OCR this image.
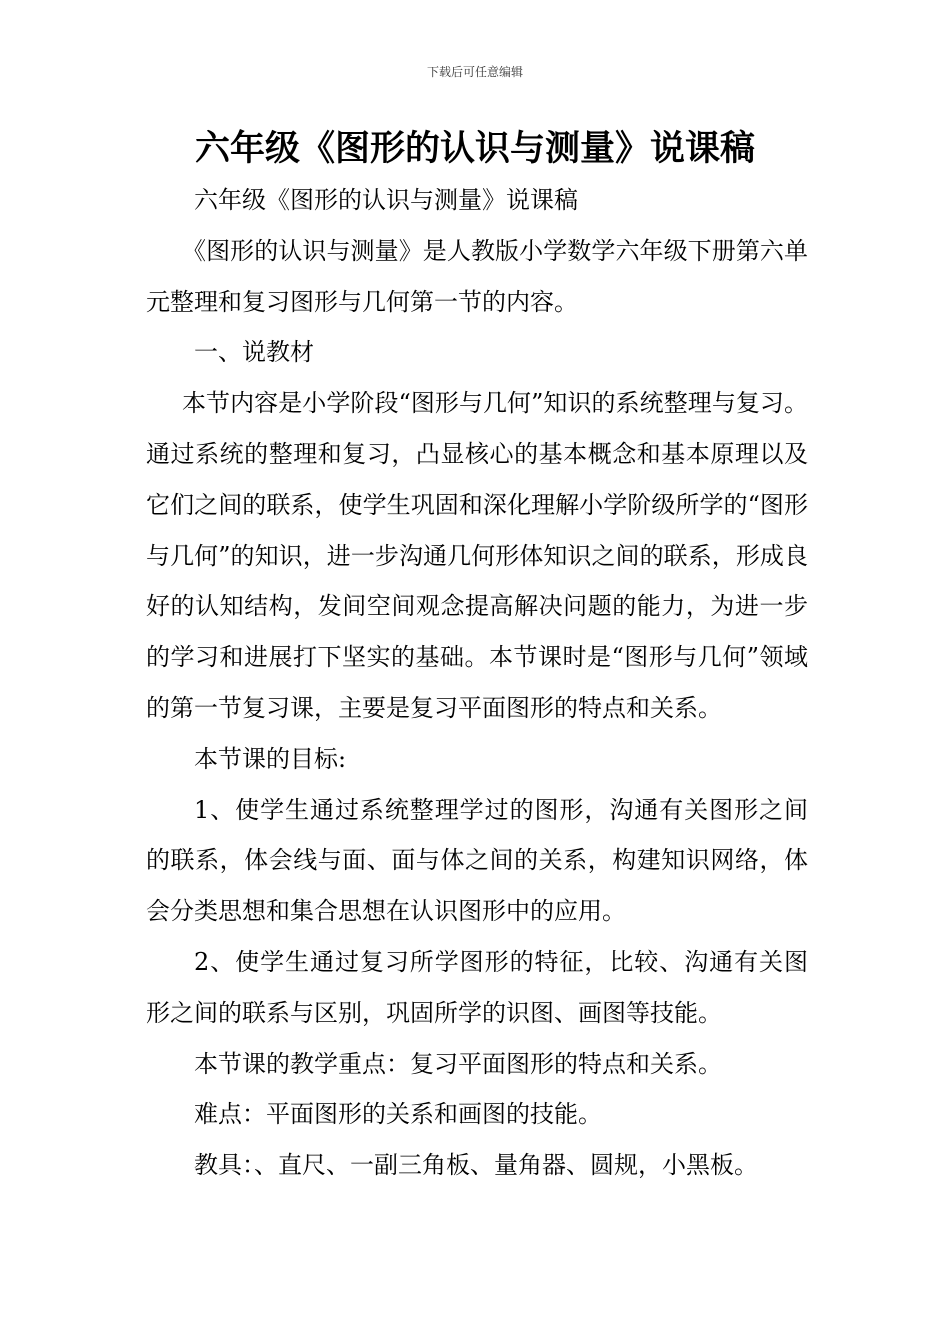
下载后可任意编辑
六年级《图形的认识与测量》说课稿

六年级《图形的认识与测量》说课稿

《图形的认识与测量》是人教版小学数学六年级下册第六单元整理和复习图形与几何第一节的内容。

一、说教材

本节内容是小学阶段“图形与几何”知识的系统整理与复习。通过系统的整理和复习，凸显核心的基本概念和基本原理以及它们之间的联系，使学生巩固和深化理解小学阶级所学的“图形与几何”的知识，进一步沟通几何形体知识之间的联系，形成良好的认知结构，发间空间观念提高解决问题的能力，为进一步的学习和进展打下坚实的基础。本节课时是“图形与几何”领域的第一节复习课，主要是复习平面图形的特点和关系。

本节课的目标:

1、使学生通过系统整理学过的图形，沟通有关图形之间的联系，体会线与面、面与体之间的关系，构建知识网络，体会分类思想和集合思想在认识图形中的应用。

2、使学生通过复习所学图形的特征，比较、沟通有关图形之间的联系与区别，巩固所学的识图、画图等技能。

本节课的教学重点：复习平面图形的特点和关系。

难点：平面图形的关系和画图的技能。

教具：、直尺、一副三角板、量角器、圆规，小黑板。
